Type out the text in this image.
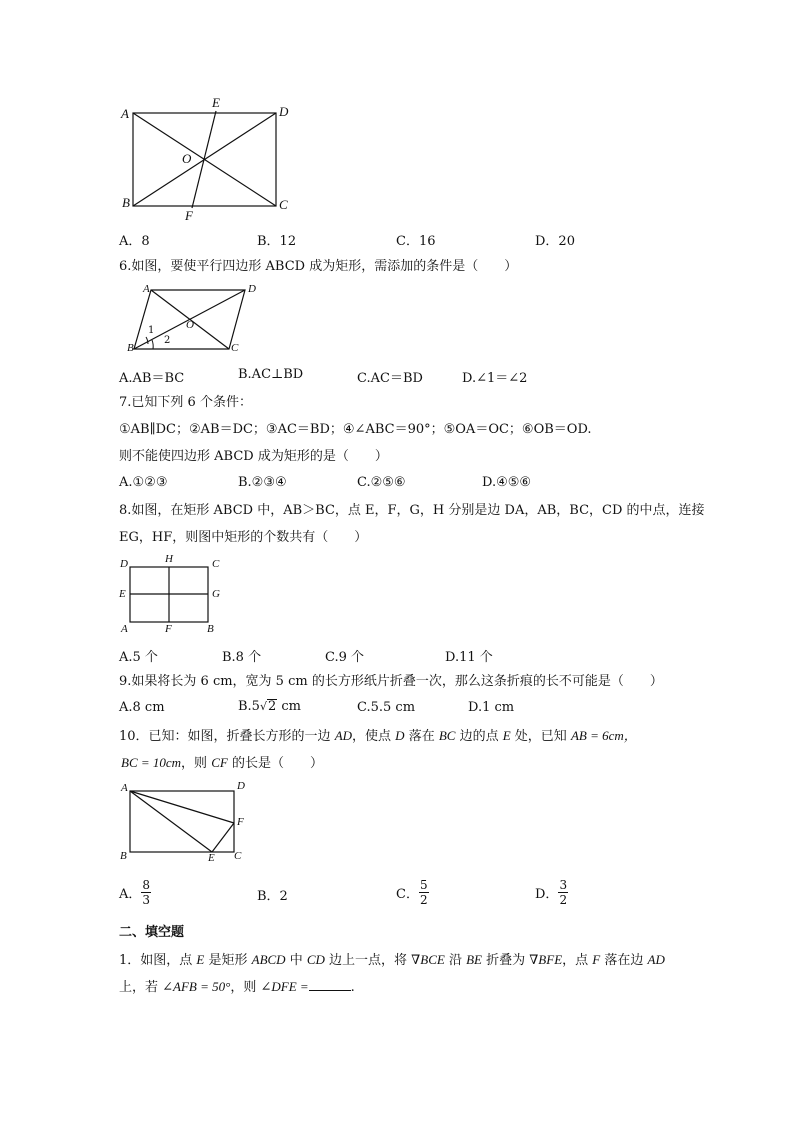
A	D
B	C
E
F
O
A．8	B．12	C．16	D．20
6.如图，要使平行四边形 ABCD 成为矩形，需添加的条件是（　　）
A	D
B	C
O
1
2
A.AB＝BC	B.AC⊥BD	C.AC＝BD	D.∠1＝∠2
7.已知下列 6 个条件：
①AB∥DC；②AB＝DC；③AC＝BD；④∠ABC＝90°；⑤OA＝OC；⑥OB＝OD.
则不能使四边形 ABCD 成为矩形的是（　　）
A.①②③	B.②③④	C.②⑤⑥	D.④⑤⑥
8.如图，在矩形 ABCD 中，AB＞BC，点 E，F，G，H 分别是边 DA，AB，BC，CD 的中点，连接
EG，HF，则图中矩形的个数共有（　　）
D	H	C
E	G
A	F	B
A.5 个	B.8 个	C.9 个	D.11 个
9.如果将长为 6 cm，宽为 5 cm 的长方形纸片折叠一次，那么这条折痕的长不可能是（　　）
A.8 cm	B.5√2 cm	C.5.5 cm	D.1 cm
10．已知：如图，折叠长方形的一边 AD，使点 D 落在 BC 边的点 E 处，已知 AB = 6cm，
BC = 10cm，则 CF 的长是（　　）
A	D
F
B	E C
A． $\frac{8}{3}$	B．2	C． $\frac{5}{2}$	D． $\frac{3}{2}$
二、填空题
1．如图，点 E 是矩形 ABCD 中 CD 边上一点，将 ∇BCE 沿 BE 折叠为 ∇BFE，点 F 落在边 AD
上，若 ∠AFB = 50°，则 ∠DFE =	.
